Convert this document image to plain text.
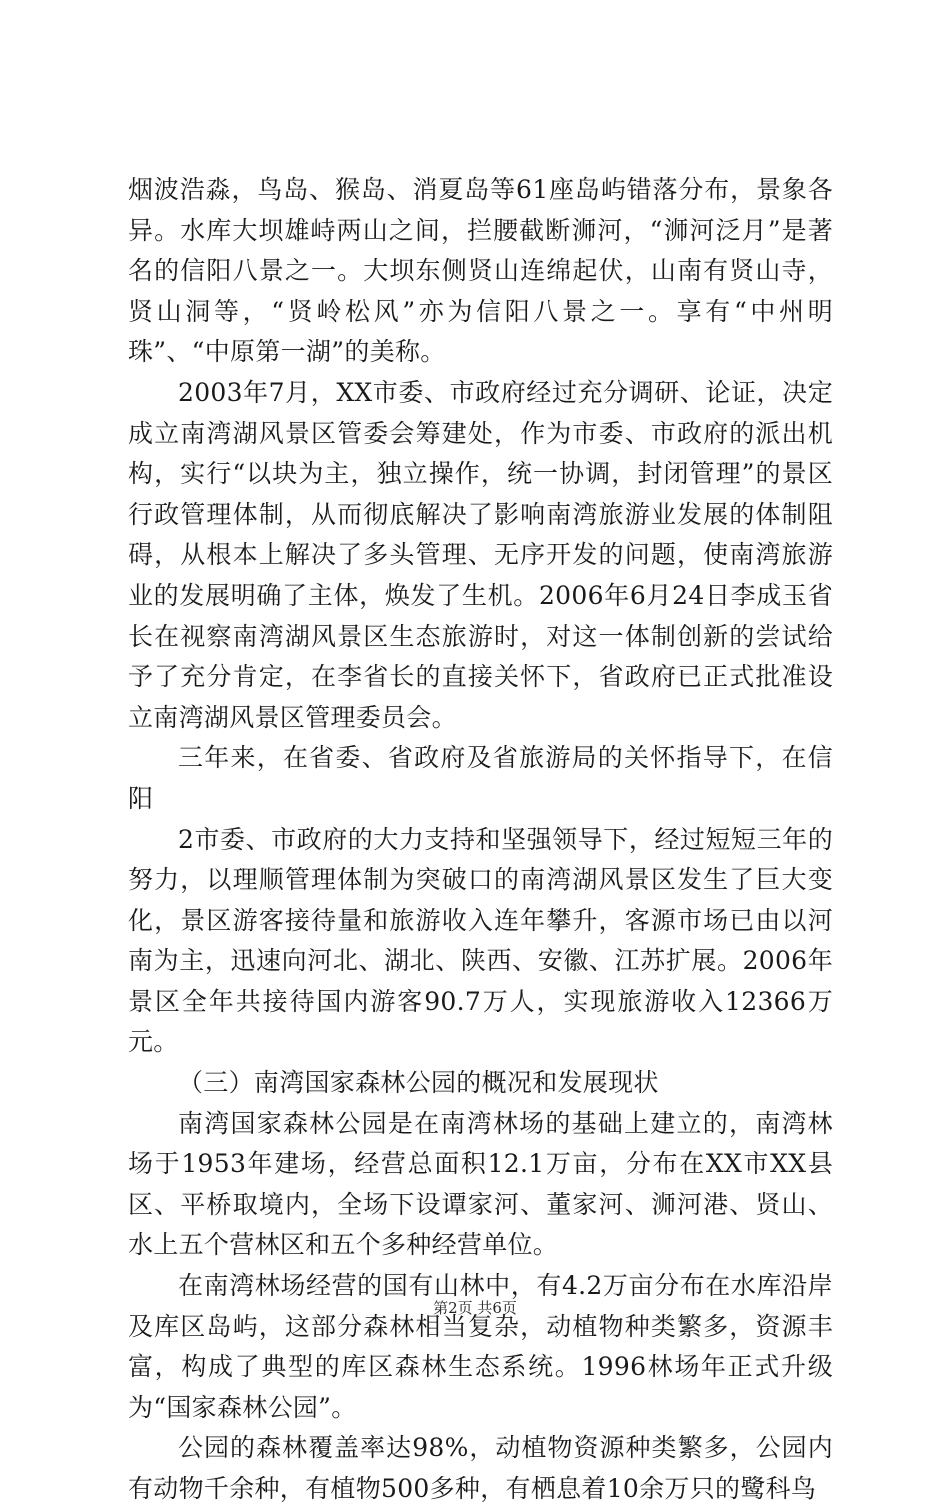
烟波浩淼，鸟岛、猴岛、消夏岛等61座岛屿错落分布，景象各异。水库大坝雄峙两山之间，拦腰截断浉河，“浉河泛月”是著名的信阳八景之一。大坝东侧贤山连绵起伏，山南有贤山寺，贤山洞等，“贤岭松风”亦为信阳八景之一。享有“中州明珠”、“中原第一湖”的美称。

2003年7月，XX市委、市政府经过充分调研、论证，决定成立南湾湖风景区管委会筹建处，作为市委、市政府的派出机构，实行“以块为主，独立操作，统一协调，封闭管理”的景区行政管理体制，从而彻底解决了影响南湾旅游业发展的体制阻碍，从根本上解决了多头管理、无序开发的问题，使南湾旅游业的发展明确了主体，焕发了生机。2006年6月24日李成玉省长在视察南湾湖风景区生态旅游时，对这一体制创新的尝试给予了充分肯定，在李省长的直接关怀下，省政府已正式批准设立南湾湖风景区管理委员会。

三年来，在省委、省政府及省旅游局的关怀指导下，在信阳

2市委、市政府的大力支持和坚强领导下，经过短短三年的努力，以理顺管理体制为突破口的南湾湖风景区发生了巨大变化，景区游客接待量和旅游收入连年攀升，客源市场已由以河南为主，迅速向河北、湖北、陕西、安徽、江苏扩展。2006年景区全年共接待国内游客90.7万人，实现旅游收入12366万元。

（三）南湾国家森林公园的概况和发展现状

南湾国家森林公园是在南湾林场的基础上建立的，南湾林场于1953年建场，经营总面积12.1万亩，分布在XX市XX县区、平桥取境内，全场下设谭家河、董家河、浉河港、贤山、水上五个营林区和五个多种经营单位。

在南湾林场经营的国有山林中，有4.2万亩分布在水库沿岸及库区岛屿，这部分森林相当复杂，动植物种类繁多，资源丰富，构成了典型的库区森林生态系统。1996林场年正式升级为“国家森林公园”。

公园的森林覆盖率达98%，动植物资源种类繁多，公园内有动物千余种，有植物500多种，有栖息着10余万只的鹭科鸟

第2页 共6页
